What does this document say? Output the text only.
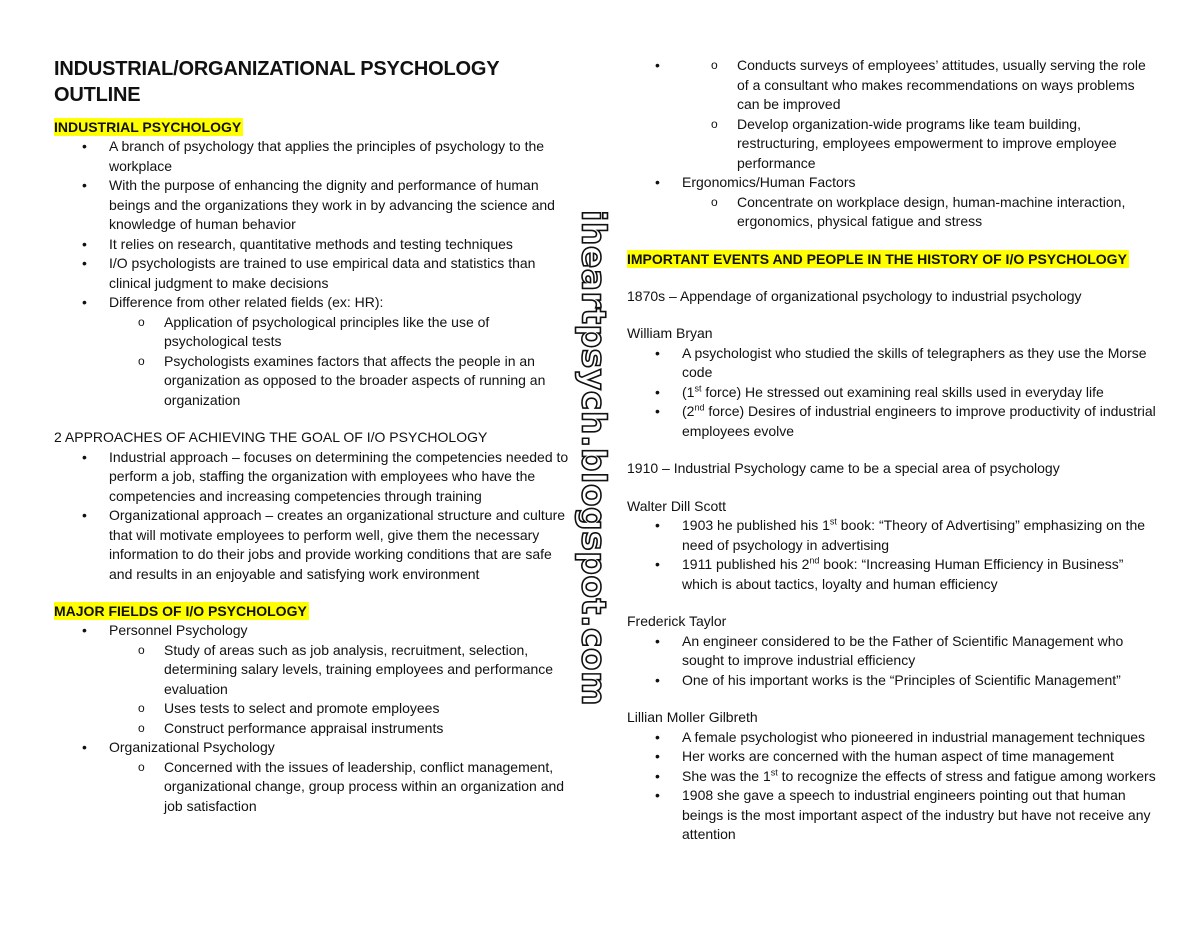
INDUSTRIAL/ORGANIZATIONAL PSYCHOLOGY OUTLINE
INDUSTRIAL PSYCHOLOGY
• A branch of psychology that applies the principles of psychology to the workplace
• With the purpose of enhancing the dignity and performance of human beings and the organizations they work in by advancing the science and knowledge of human behavior
• It relies on research, quantitative methods and testing techniques
• I/O psychologists are trained to use empirical data and statistics than clinical judgment to make decisions
• Difference from other related fields (ex: HR):
o Application of psychological principles like the use of psychological tests
o Psychologists examines factors that affects the people in an organization as opposed to the broader aspects of running an organization

2 APPROACHES OF ACHIEVING THE GOAL OF I/O PSYCHOLOGY

• Industrial approach – focuses on determining the competencies needed to perform a job, staffing the organization with employees who have the competencies and increasing competencies through training
• Organizational approach – creates an organizational structure and culture that will motivate employees to perform well, give them the necessary information to do their jobs and provide working conditions that are safe and results in an enjoyable and satisfying work environment
MAJOR FIELDS OF I/O PSYCHOLOGY
• Personnel Psychology
o Study of areas such as job analysis, recruitment, selection, determining salary levels, training employees and performance evaluation
o Uses tests to select and promote employees
o Construct performance appraisal instruments
• Organizational Psychology
o Concerned with the issues of leadership, conflict management, organizational change, group process within an organization and job satisfaction
iheartpsych.blogspot.com
o • Conducts surveys of employees’ attitudes, usually serving the role of a consultant who makes recommendations on ways problems can be improved
o Develop organization-wide programs like team building, restructuring, employees empowerment to improve employee performance
• Ergonomics/Human Factors
o Concentrate on workplace design, human-machine interaction, ergonomics, physical fatigue and stress
IMPORTANT EVENTS AND PEOPLE IN THE HISTORY OF I/O PSYCHOLOGY

1870s – Appendage of organizational psychology to industrial psychology

William Bryan

• A psychologist who studied the skills of telegraphers as they use the Morse code
• (1st force) He stressed out examining real skills used in everyday life
• (2nd force) Desires of industrial engineers to improve productivity of industrial employees evolve

1910 – Industrial Psychology came to be a special area of psychology

Walter Dill Scott

• 1903 he published his 1st book: “Theory of Advertising” emphasizing on the need of psychology in advertising
• 1911 published his 2nd book: “Increasing Human Efficiency in Business” which is about tactics, loyalty and human efficiency

Frederick Taylor

• An engineer considered to be the Father of Scientific Management who sought to improve industrial efficiency
• One of his important works is the “Principles of Scientific Management”

Lillian Moller Gilbreth

• A female psychologist who pioneered in industrial management techniques
• Her works are concerned with the human aspect of time management
• She was the 1st to recognize the effects of stress and fatigue among workers
• 1908 she gave a speech to industrial engineers pointing out that human beings is the most important aspect of the industry but have not receive any attention
